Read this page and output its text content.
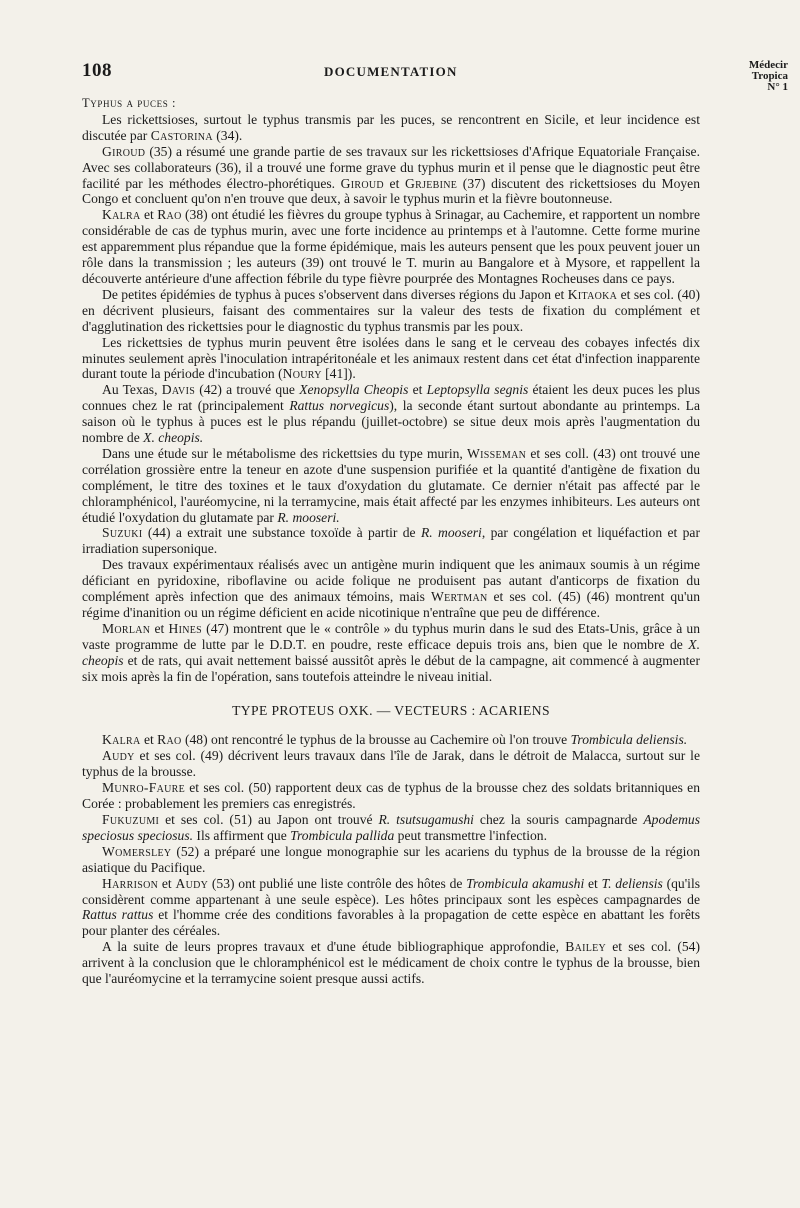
108	DOCUMENTATION	Médecir
Tropica
N° 1

Typhus a puces :

Les rickettsioses, surtout le typhus transmis par les puces, se rencontrent en Sicile, et leur incidence est discutée par Castorina (34).

Giroud (35) a résumé une grande partie de ses travaux sur les rickettsioses d'Afrique Equatoriale Française. Avec ses collaborateurs (36), il a trouvé une forme grave du typhus murin et il pense que le diagnostic peut être facilité par les méthodes électro-phorétiques. Giroud et Grjebine (37) discutent des rickettsioses du Moyen Congo et concluent qu'on n'en trouve que deux, à savoir le typhus murin et la fièvre boutonneuse.

Kalra et Rao (38) ont étudié les fièvres du groupe typhus à Srinagar, au Cachemire, et rapportent un nombre considérable de cas de typhus murin, avec une forte incidence au printemps et à l'automne. Cette forme murine est apparemment plus répandue que la forme épidémique, mais les auteurs pensent que les poux peuvent jouer un rôle dans la transmission ; les auteurs (39) ont trouvé le T. murin au Bangalore et à Mysore, et rappellent la découverte antérieure d'une affection fébrile du type fièvre pourprée des Montagnes Rocheuses dans ce pays.

De petites épidémies de typhus à puces s'observent dans diverses régions du Japon et Kitaoka et ses col. (40) en décrivent plusieurs, faisant des commentaires sur la valeur des tests de fixation du complément et d'agglutination des rickettsies pour le diagnostic du typhus transmis par les poux.

Les rickettsies de typhus murin peuvent être isolées dans le sang et le cerveau des cobayes infectés dix minutes seulement après l'inoculation intrapéritonéale et les animaux restent dans cet état d'infection inapparente durant toute la période d'incubation (Noury [41]).

Au Texas, Davis (42) a trouvé que Xenopsylla Cheopis et Leptopsylla segnis étaient les deux puces les plus connues chez le rat (principalement Rattus norvegicus), la seconde étant surtout abondante au printemps. La saison où le typhus à puces est le plus répandu (juillet-octobre) se situe deux mois après l'augmentation du nombre de X. cheopis.

Dans une étude sur le métabolisme des rickettsies du type murin, Wisseman et ses coll. (43) ont trouvé une corrélation grossière entre la teneur en azote d'une suspension purifiée et la quantité d'antigène de fixation du complément, le titre des toxines et le taux d'oxydation du glutamate. Ce dernier n'était pas affecté par le chloramphénicol, l'auréomycine, ni la terramycine, mais était affecté par les enzymes inhibiteurs. Les auteurs ont étudié l'oxydation du glutamate par R. mooseri.

Suzuki (44) a extrait une substance toxoïde à partir de R. mooseri, par congélation et liquéfaction et par irradiation supersonique.

Des travaux expérimentaux réalisés avec un antigène murin indiquent que les animaux soumis à un régime déficiant en pyridoxine, riboflavine ou acide folique ne produisent pas autant d'anticorps de fixation du complément après infection que des animaux témoins, mais Wertman et ses col. (45) (46) montrent qu'un régime d'inanition ou un régime déficient en acide nicotinique n'entraîne que peu de différence.

Morlan et Hines (47) montrent que le « contrôle » du typhus murin dans le sud des Etats-Unis, grâce à un vaste programme de lutte par le D.D.T. en poudre, reste efficace depuis trois ans, bien que le nombre de X. cheopis et de rats, qui avait nettement baissé aussitôt après le début de la campagne, ait commencé à augmenter six mois après la fin de l'opération, sans toutefois atteindre le niveau initial.

TYPE PROTEUS OXK. — VECTEURS : ACARIENS

Kalra et Rao (48) ont rencontré le typhus de la brousse au Cachemire où l'on trouve Trombicula deliensis.

Audy et ses col. (49) décrivent leurs travaux dans l'île de Jarak, dans le détroit de Malacca, surtout sur le typhus de la brousse.

Munro-Faure et ses col. (50) rapportent deux cas de typhus de la brousse chez des soldats britanniques en Corée : probablement les premiers cas enregistrés.

Fukuzumi et ses col. (51) au Japon ont trouvé R. tsutsugamushi chez la souris campagnarde Apodemus speciosus speciosus. Ils affirment que Trombicula pallida peut transmettre l'infection.

Womersley (52) a préparé une longue monographie sur les acariens du typhus de la brousse de la région asiatique du Pacifique.

Harrison et Audy (53) ont publié une liste contrôle des hôtes de Trombicula akamushi et T. deliensis (qu'ils considèrent comme appartenant à une seule espèce). Les hôtes principaux sont les espèces campagnardes de Rattus rattus et l'homme crée des conditions favorables à la propagation de cette espèce en abattant les forêts pour planter des céréales.

A la suite de leurs propres travaux et d'une étude bibliographique approfondie, Bailey et ses col. (54) arrivent à la conclusion que le chloramphénicol est le médicament de choix contre le typhus de la brousse, bien que l'auréomycine et la terramycine soient presque aussi actifs.
